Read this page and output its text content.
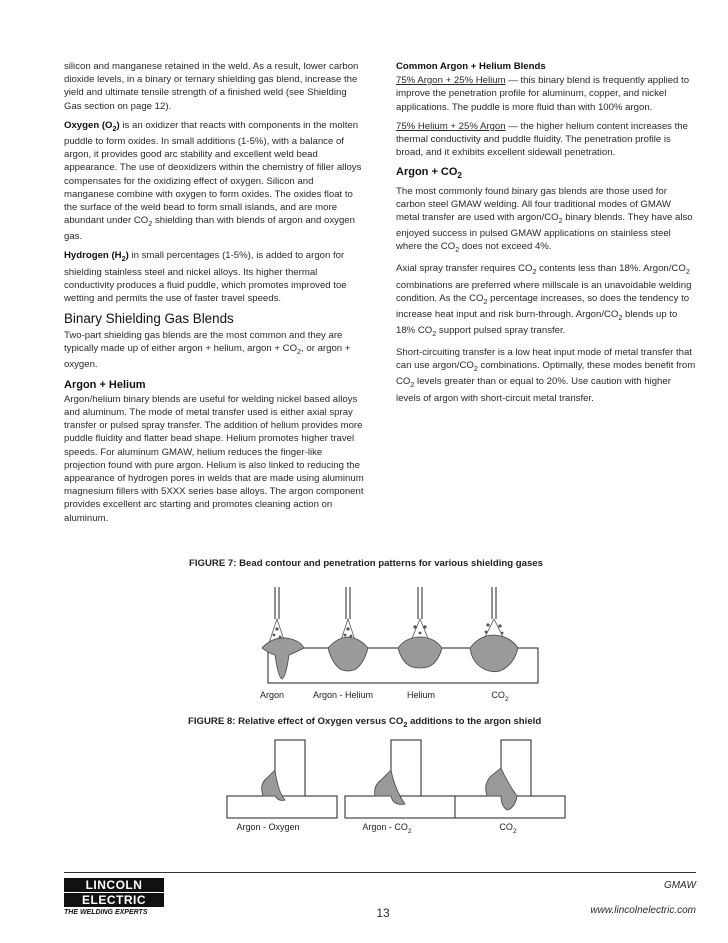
silicon and manganese retained in the weld. As a result, lower carbon dioxide levels, in a binary or ternary shielding gas blend, increase the yield and ultimate tensile strength of a finished weld (see Shielding Gas section on page 12).

Oxygen $(O_2)$ is an oxidizer that reacts with components in the molten puddle to form oxides. In small additions (1-5%), with a balance of argon, it provides good arc stability and excellent weld bead appearance. The use of deoxidizers within the chemistry of filler alloys compensates for the oxidizing effect of oxygen. Silicon and manganese combine with oxygen to form oxides. The oxides float to the surface of the weld bead to form small islands, and are more abundant under $CO_2$ shielding than with blends of argon and oxygen gas.

Hydrogen $(H_2)$ in small percentages (1-5%), is added to argon for shielding stainless steel and nickel alloys. Its higher thermal conductivity produces a fluid puddle, which promotes improved toe wetting and permits the use of faster travel speeds.

Binary Shielding Gas Blends

Two-part shielding gas blends are the most common and they are typically made up of either argon + helium, argon + $CO_2$, or argon + oxygen.

Argon + Helium

Argon/helium binary blends are useful for welding nickel based alloys and aluminum. The mode of metal transfer used is either axial spray transfer or pulsed spray transfer. The addition of helium provides more puddle fluidity and flatter bead shape. Helium promotes higher travel speeds. For aluminum GMAW, helium reduces the finger-like projection found with pure argon. Helium is also linked to reducing the appearance of hydrogen pores in welds that are made using aluminum magnesium fillers with 5XXX series base alloys. The argon component provides excellent arc starting and promotes cleaning action on aluminum.

Common Argon + Helium Blends

75% Argon + 25% Helium — this binary blend is frequently applied to improve the penetration profile for aluminum, copper, and nickel applications. The puddle is more fluid than with 100% argon.

75% Helium + 25% Argon — the higher helium content increases the thermal conductivity and puddle fluidity. The penetration profile is broad, and it exhibits excellent sidewall penetration.

Argon + $CO_2$

The most commonly found binary gas blends are those used for carbon steel GMAW welding. All four traditional modes of GMAW metal transfer are used with argon/$CO_2$ binary blends. They have also enjoyed success in pulsed GMAW applications on stainless steel where the $CO_2$ does not exceed 4%.

Axial spray transfer requires $CO_2$ contents less than 18%. Argon/$CO_2$ combinations are preferred where millscale is an unavoidable welding condition. As the $CO_2$ percentage increases, so does the tendency to increase heat input and risk burn-through. Argon/$CO_2$ blends up to 18% $CO_2$ support pulsed spray transfer.

Short-circuiting transfer is a low heat input mode of metal transfer that can use argon/$CO_2$ combinations. Optimally, these modes benefit from $CO_2$ levels greater than or equal to 20%. Use caution with higher levels of argon with short-circuit metal transfer.

FIGURE 7: Bead contour and penetration patterns for various shielding gases
Argon	Argon - Helium	Helium	$CO_2$
FIGURE 8: Relative effect of Oxygen versus $CO_2$ additions to the argon shield
Argon - Oxygen	Argon - $CO_2$	$CO_2$
LINCOLN
ELECTRIC
THE WELDING EXPERTS	13
GMAW
www.lincolnelectric.com
